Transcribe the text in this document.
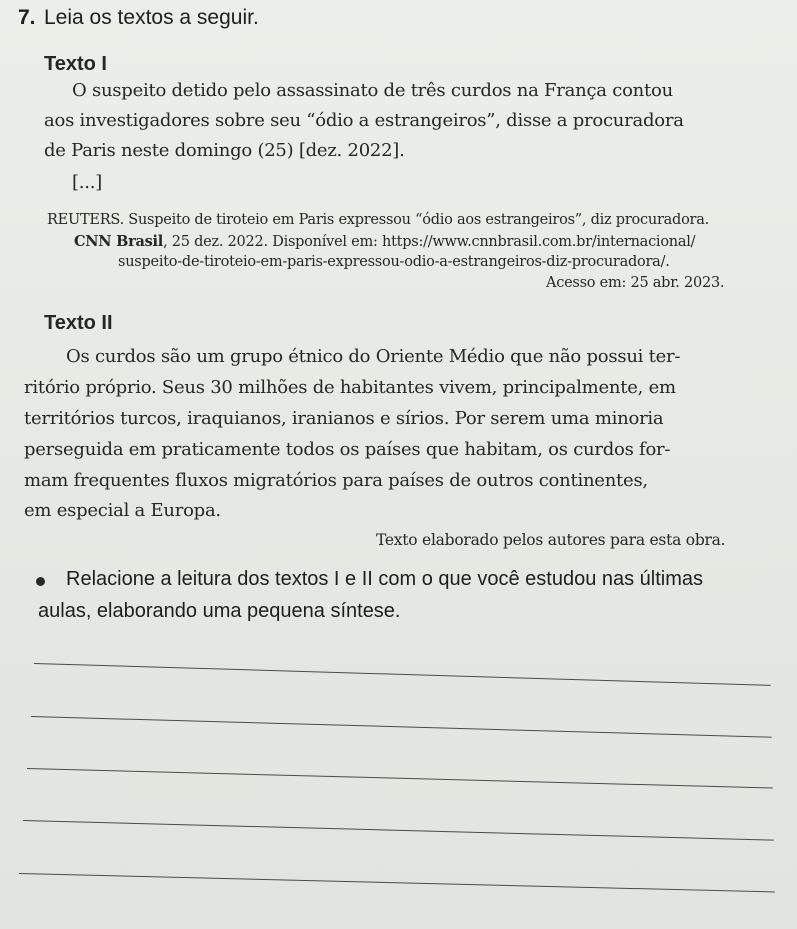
7. Leia os textos a seguir.
Texto I
O suspeito detido pelo assassinato de três curdos na França contou
aos investigadores sobre seu “ódio a estrangeiros”, disse a procuradora
de Paris neste domingo (25) [dez. 2022].
[...]
REUTERS. Suspeito de tiroteio em Paris expressou “ódio aos estrangeiros”, diz procuradora.
CNN Brasil, 25 dez. 2022. Disponível em: https://www.cnnbrasil.com.br/internacional/
suspeito-de-tiroteio-em-paris-expressou-odio-a-estrangeiros-diz-procuradora/.
Acesso em: 25 abr. 2023.
Texto II
Os curdos são um grupo étnico do Oriente Médio que não possui ter-
ritório próprio. Seus 30 milhões de habitantes vivem, principalmente, em
territórios turcos, iraquianos, iranianos e sírios. Por serem uma minoria
perseguida em praticamente todos os países que habitam, os curdos for-
mam frequentes fluxos migratórios para países de outros continentes,
em especial a Europa.
Texto elaborado pelos autores para esta obra.
Relacione a leitura dos textos I e II com o que você estudou nas últimas
aulas, elaborando uma pequena síntese.
